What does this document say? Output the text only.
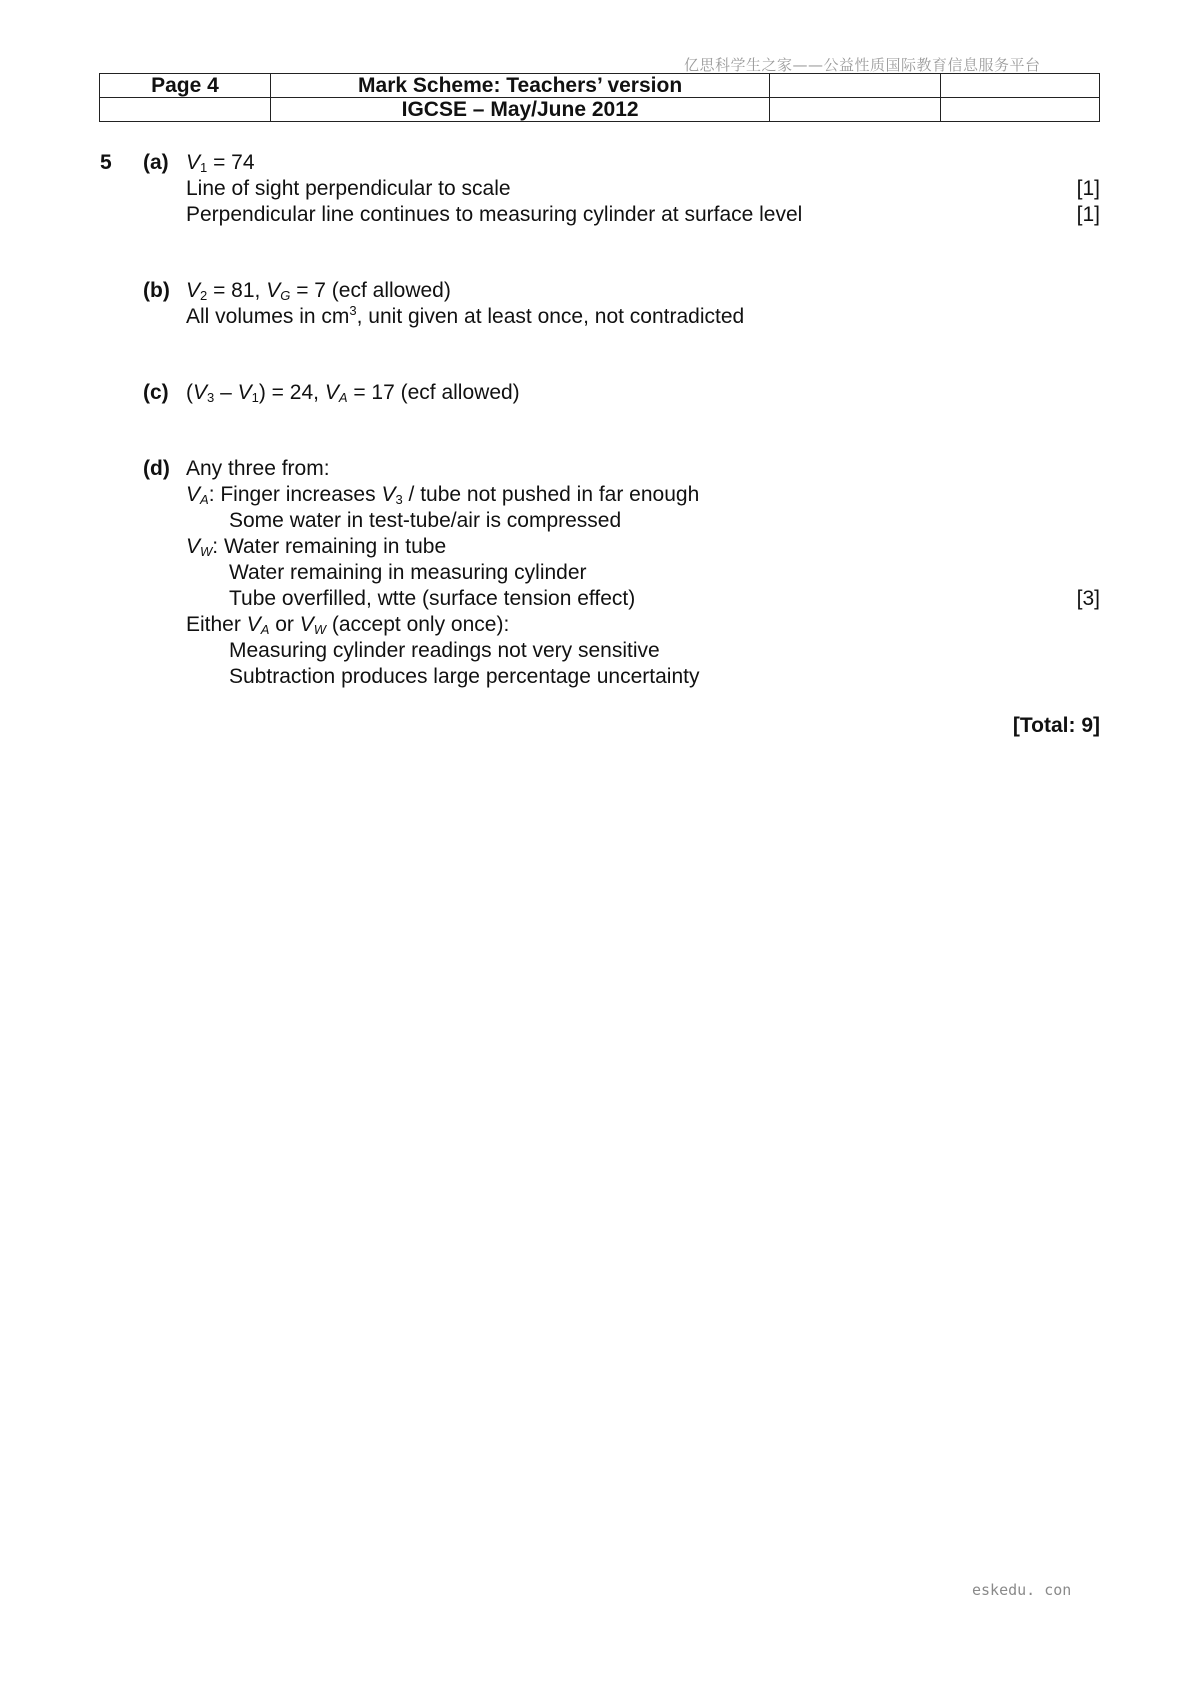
亿思科学生之家——公益性质国际教育信息服务平台
Page 4	Mark Scheme: Teachers’ version		
	IGCSE – May/June 2012		
5 (a) $V_1 = 74$
Line of sight perpendicular to scale	[1]
Perpendicular line continues to measuring cylinder at surface level	[1]
(b) $V_2 = 81$, $V_G = 7$ (ecf allowed)
All volumes in $cm^3$, unit given at least once, not contradicted
(c) $(V_3 - V_1) = 24$, $V_A = 17$ (ecf allowed)
(d) Any three from:
$V_A$: Finger increases $V_3$ / tube not pushed in far enough
Some water in test-tube/air is compressed
$V_W$: Water remaining in tube
Water remaining in measuring cylinder
Tube overfilled, wtte (surface tension effect)	[3]
Either $V_A$ or $V_W$ (accept only once):
Measuring cylinder readings not very sensitive
Subtraction produces large percentage uncertainty
[Total: 9]
eskedu. con
